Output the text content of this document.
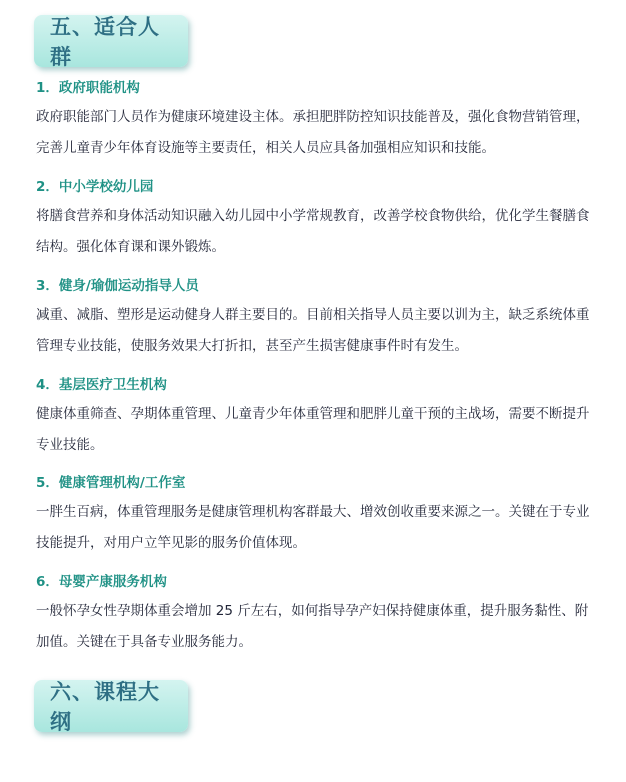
五、适合人群
1．政府职能机构
政府职能部门人员作为健康环境建设主体。承担肥胖防控知识技能普及，强化食物营销管理，完善儿童青少年体育设施等主要责任，相关人员应具备加强相应知识和技能。
2．中小学校幼儿园
将膳食营养和身体活动知识融入幼儿园中小学常规教育，改善学校食物供给，优化学生餐膳食结构。强化体育课和课外锻炼。
3．健身/瑜伽运动指导人员
减重、减脂、塑形是运动健身人群主要目的。目前相关指导人员主要以训为主，缺乏系统体重管理专业技能，使服务效果大打折扣，甚至产生损害健康事件时有发生。
4．基层医疗卫生机构
健康体重筛查、孕期体重管理、儿童青少年体重管理和肥胖儿童干预的主战场，需要不断提升专业技能。
5．健康管理机构/工作室
一胖生百病，体重管理服务是健康管理机构客群最大、增效创收重要来源之一。关键在于专业技能提升，对用户立竿见影的服务价值体现。
6．母婴产康服务机构
一般怀孕女性孕期体重会增加 25 斤左右，如何指导孕产妇保持健康体重，提升服务黏性、附加值。关键在于具备专业服务能力。
六、课程大纲
